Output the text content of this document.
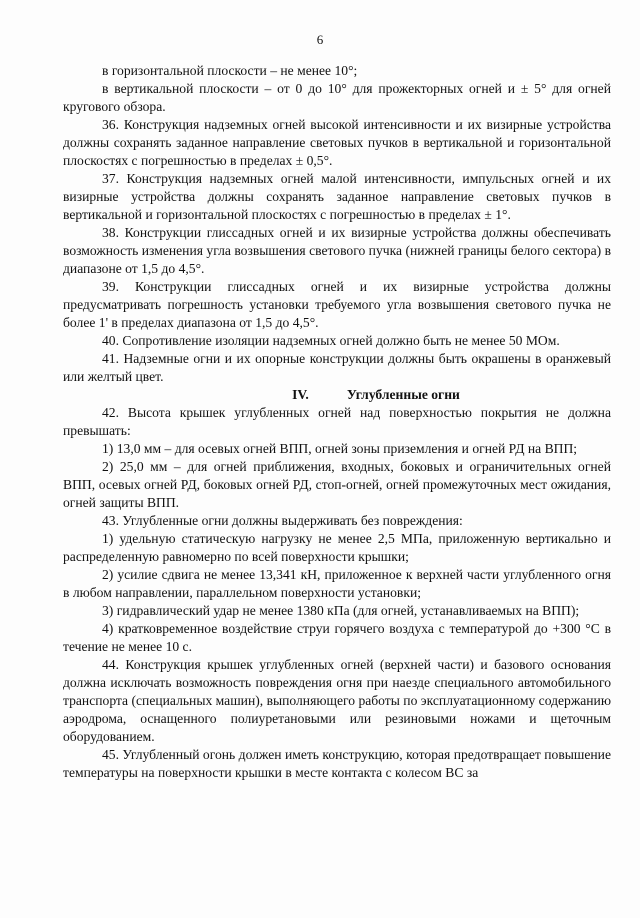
6

в горизонтальной плоскости – не менее 10°;

в вертикальной плоскости – от 0 до 10° для прожекторных огней и ± 5° для огней кругового обзора.

36. Конструкция надземных огней высокой интенсивности и их визирные устройства должны сохранять заданное направление световых пучков в вертикальной и горизонтальной плоскостях с погрешностью в пределах ± 0,5°.

37. Конструкция надземных огней малой интенсивности, импульсных огней и их визирные устройства должны сохранять заданное направление световых пучков в вертикальной и горизонтальной плоскостях с погрешностью в пределах ± 1°.

38. Конструкции глиссадных огней и их визирные устройства должны обеспечивать возможность изменения угла возвышения светового пучка (нижней границы белого сектора) в диапазоне от 1,5 до 4,5°.

39. Конструкции глиссадных огней и их визирные устройства должны предусматривать погрешность установки требуемого угла возвышения светового пучка не более 1' в пределах диапазона от 1,5 до 4,5°.

40. Сопротивление изоляции надземных огней должно быть не менее 50 МОм.

41. Надземные огни и их опорные конструкции должны быть окрашены в оранжевый или желтый цвет.

IV.	Углубленные огни

42. Высота крышек углубленных огней над поверхностью покрытия не должна превышать:

1) 13,0 мм – для осевых огней ВПП, огней зоны приземления и огней РД на ВПП;

2) 25,0 мм – для огней приближения, входных, боковых и ограничительных огней ВПП, осевых огней РД, боковых огней РД, стоп-огней, огней промежуточных мест ожидания, огней защиты ВПП.

43. Углубленные огни должны выдерживать без повреждения:

1) удельную статическую нагрузку не менее 2,5 МПа, приложенную вертикально и распределенную равномерно по всей поверхности крышки;

2) усилие сдвига не менее 13,341 кН, приложенное к верхней части углубленного огня в любом направлении, параллельном поверхности установки;

3) гидравлический удар не менее 1380 кПа (для огней, устанавливаемых на ВПП);

4) кратковременное воздействие струи горячего воздуха с температурой до +300 °С в течение не менее 10 с.

44. Конструкция крышек углубленных огней (верхней части) и базового основания должна исключать возможность повреждения огня при наезде специального автомобильного транспорта (специальных машин), выполняющего работы по эксплуатационному содержанию аэродрома, оснащенного полиуретановыми или резиновыми ножами и щеточным оборудованием.

45. Углубленный огонь должен иметь конструкцию, которая предотвращает повышение температуры на поверхности крышки в месте контакта с колесом ВС за
